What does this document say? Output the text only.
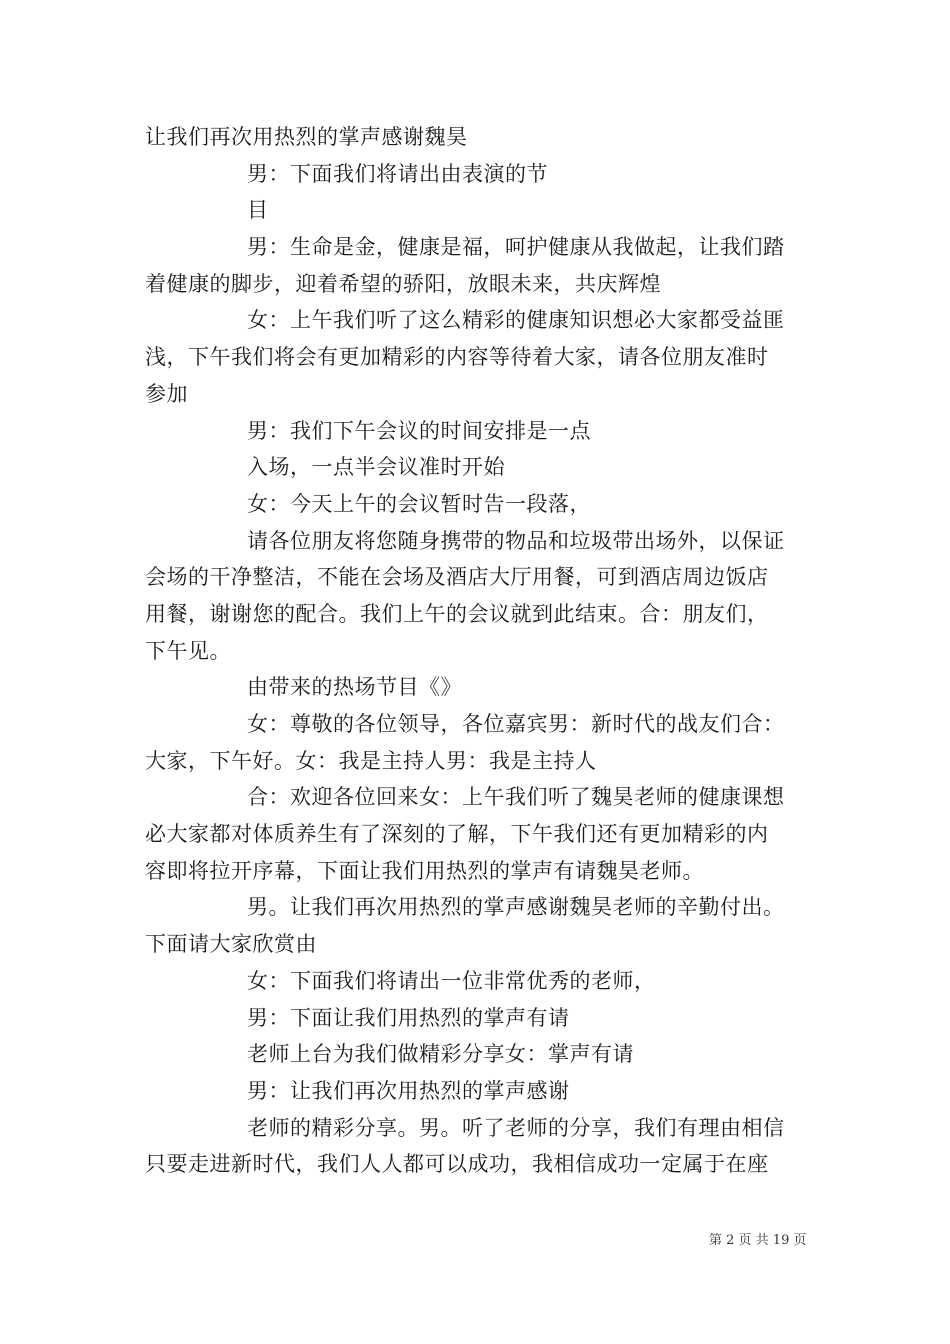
让我们再次用热烈的掌声感谢魏昊
男：下面我们将请出由表演的节
目
男：生命是金，健康是福，呵护健康从我做起，让我们踏
着健康的脚步，迎着希望的骄阳，放眼未来，共庆辉煌
女：上午我们听了这么精彩的健康知识想必大家都受益匪
浅，下午我们将会有更加精彩的内容等待着大家，请各位朋友准时
参加
男：我们下午会议的时间安排是一点
入场，一点半会议准时开始
女：今天上午的会议暂时告一段落，
请各位朋友将您随身携带的物品和垃圾带出场外，以保证
会场的干净整洁，不能在会场及酒店大厅用餐，可到酒店周边饭店
用餐，谢谢您的配合。我们上午的会议就到此结束。合：朋友们，
下午见。
由带来的热场节目《》
女：尊敬的各位领导，各位嘉宾男：新时代的战友们合：
大家，下午好。女：我是主持人男：我是主持人
合：欢迎各位回来女：上午我们听了魏昊老师的健康课想
必大家都对体质养生有了深刻的了解，下午我们还有更加精彩的内
容即将拉开序幕，下面让我们用热烈的掌声有请魏昊老师。
男。让我们再次用热烈的掌声感谢魏昊老师的辛勤付出。
下面请大家欣赏由
女：下面我们将请出一位非常优秀的老师，
男：下面让我们用热烈的掌声有请
老师上台为我们做精彩分享女：掌声有请
男：让我们再次用热烈的掌声感谢
老师的精彩分享。男。听了老师的分享，我们有理由相信
只要走进新时代，我们人人都可以成功，我相信成功一定属于在座
第 2 页 共 19 页
